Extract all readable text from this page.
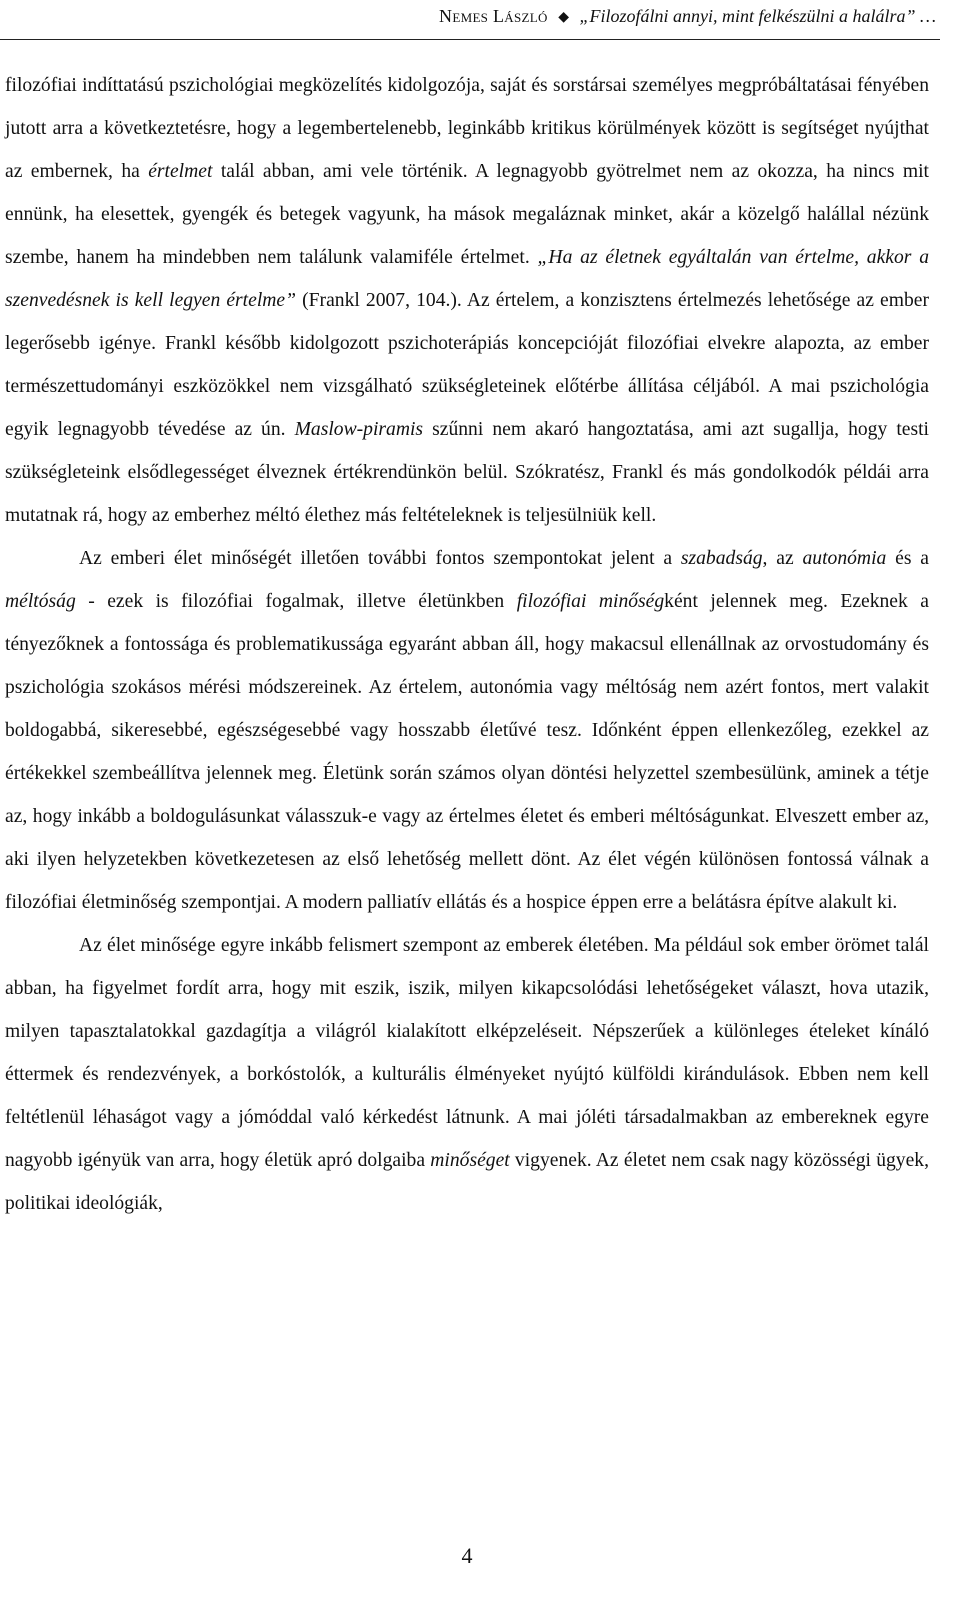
Nemes László ◆ „Filozofálni annyi, mint felkészülni a halálra” …

filozófiai indíttatású pszichológiai megközelítés kidolgozója, saját és sorstársai személyes megpróbáltatásai fényében jutott arra a következtetésre, hogy a legembertelenebb, leginkább kritikus körülmények között is segítséget nyújthat az embernek, ha értelmet talál abban, ami vele történik. A legnagyobb gyötrelmet nem az okozza, ha nincs mit ennünk, ha elesettek, gyengék és betegek vagyunk, ha mások megaláznak minket, akár a közelgő halállal nézünk szembe, hanem ha mindebben nem találunk valamiféle értelmet. „Ha az életnek egyáltalán van értelme, akkor a szenvedésnek is kell legyen értelme” (Frankl 2007, 104.). Az értelem, a konzisztens értelmezés lehetősége az ember legerősebb igénye. Frankl később kidolgozott pszichoterápiás koncepcióját filozófiai elvekre alapozta, az ember természettudományi eszközökkel nem vizsgálható szükségleteinek előtérbe állítása céljából. A mai pszichológia egyik legnagyobb tévedése az ún. Maslow-piramis szűnni nem akaró hangoztatása, ami azt sugallja, hogy testi szükségleteink elsődlegességet élveznek értékrendünkön belül. Szókratész, Frankl és más gondolkodók példái arra mutatnak rá, hogy az emberhez méltó élethez más feltételeknek is teljesülniük kell.

Az emberi élet minőségét illetően további fontos szempontokat jelent a szabadság, az autonómia és a méltóság - ezek is filozófiai fogalmak, illetve életünkben filozófiai minőségként jelennek meg. Ezeknek a tényezőknek a fontossága és problematikussága egyaránt abban áll, hogy makacsul ellenállnak az orvostudomány és pszichológia szokásos mérési módszereinek. Az értelem, autonómia vagy méltóság nem azért fontos, mert valakit boldogabbá, sikeresebbé, egészségesebbé vagy hosszabb életűvé tesz. Időnként éppen ellenkezőleg, ezekkel az értékekkel szembeállítva jelennek meg. Életünk során számos olyan döntési helyzettel szembesülünk, aminek a tétje az, hogy inkább a boldogulásunkat válasszuk-e vagy az értelmes életet és emberi méltóságunkat. Elveszett ember az, aki ilyen helyzetekben következetesen az első lehetőség mellett dönt. Az élet végén különösen fontossá válnak a filozófiai életminőség szempontjai. A modern palliatív ellátás és a hospice éppen erre a belátásra építve alakult ki.

Az élet minősége egyre inkább felismert szempont az emberek életében. Ma például sok ember örömet talál abban, ha figyelmet fordít arra, hogy mit eszik, iszik, milyen kikapcsolódási lehetőségeket választ, hova utazik, milyen tapasztalatokkal gazdagítja a világról kialakított elképzeléseit. Népszerűek a különleges ételeket kínáló éttermek és rendezvények, a borkóstolók, a kulturális élményeket nyújtó külföldi kirándulások. Ebben nem kell feltétlenül léhaságot vagy a jómóddal való kérkedést látnunk. A mai jóléti társadalmakban az embereknek egyre nagyobb igényük van arra, hogy életük apró dolgaiba minőséget vigyenek. Az életet nem csak nagy közösségi ügyek, politikai ideológiák,

4
